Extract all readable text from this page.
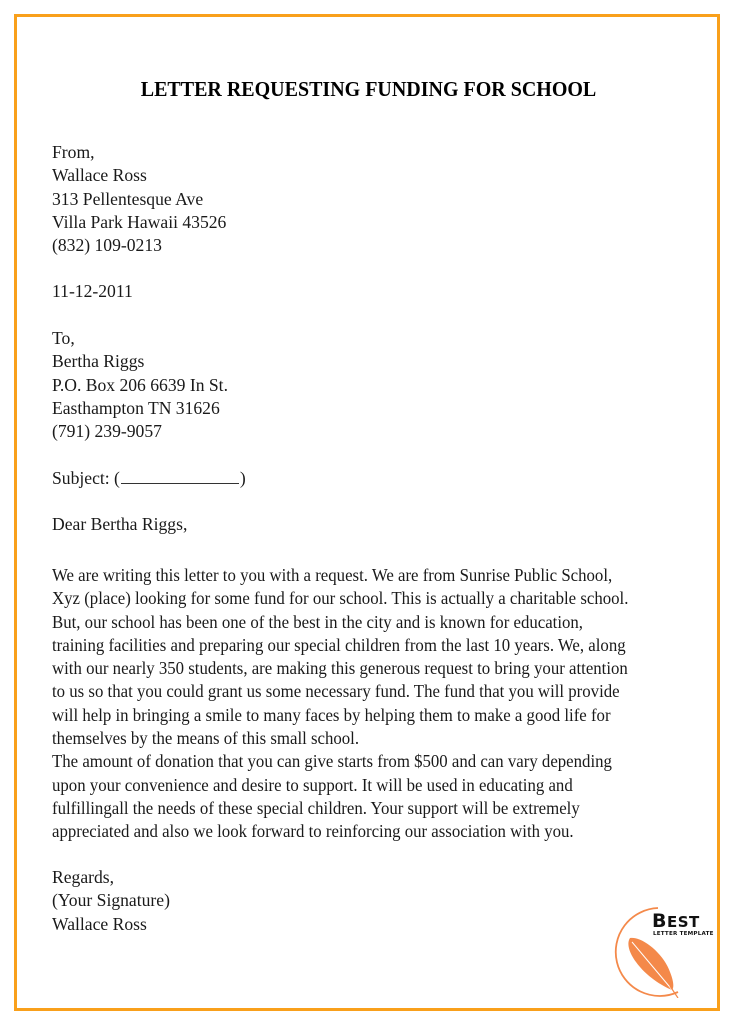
LETTER REQUESTING FUNDING FOR SCHOOL
From,
Wallace Ross
313 Pellentesque Ave
Villa Park Hawaii 43526
(832) 109-0213
11-12-2011
To,
Bertha Riggs
P.O. Box 206 6639 In St.
Easthampton TN 31626
(791) 239-9057
Subject: (	)
Dear Bertha Riggs,
We are writing this letter to you with a request. We are from Sunrise Public School,
Xyz (place) looking for some fund for our school. This is actually a charitable school.
But, our school has been one of the best in the city and is known for education,
training facilities and preparing our special children from the last 10 years. We, along
with our nearly 350 students, are making this generous request to bring your attention
to us so that you could grant us some necessary fund. The fund that you will provide
will help in bringing a smile to many faces by helping them to make a good life for
themselves by the means of this small school.
The amount of donation that you can give starts from $500 and can vary depending
upon your convenience and desire to support. It will be used in educating and
fulfillingall the needs of these special children. Your support will be extremely
appreciated and also we look forward to reinforcing our association with you.
Regards,
(Your Signature)
Wallace Ross	BEST
LETTER TEMPLATE
